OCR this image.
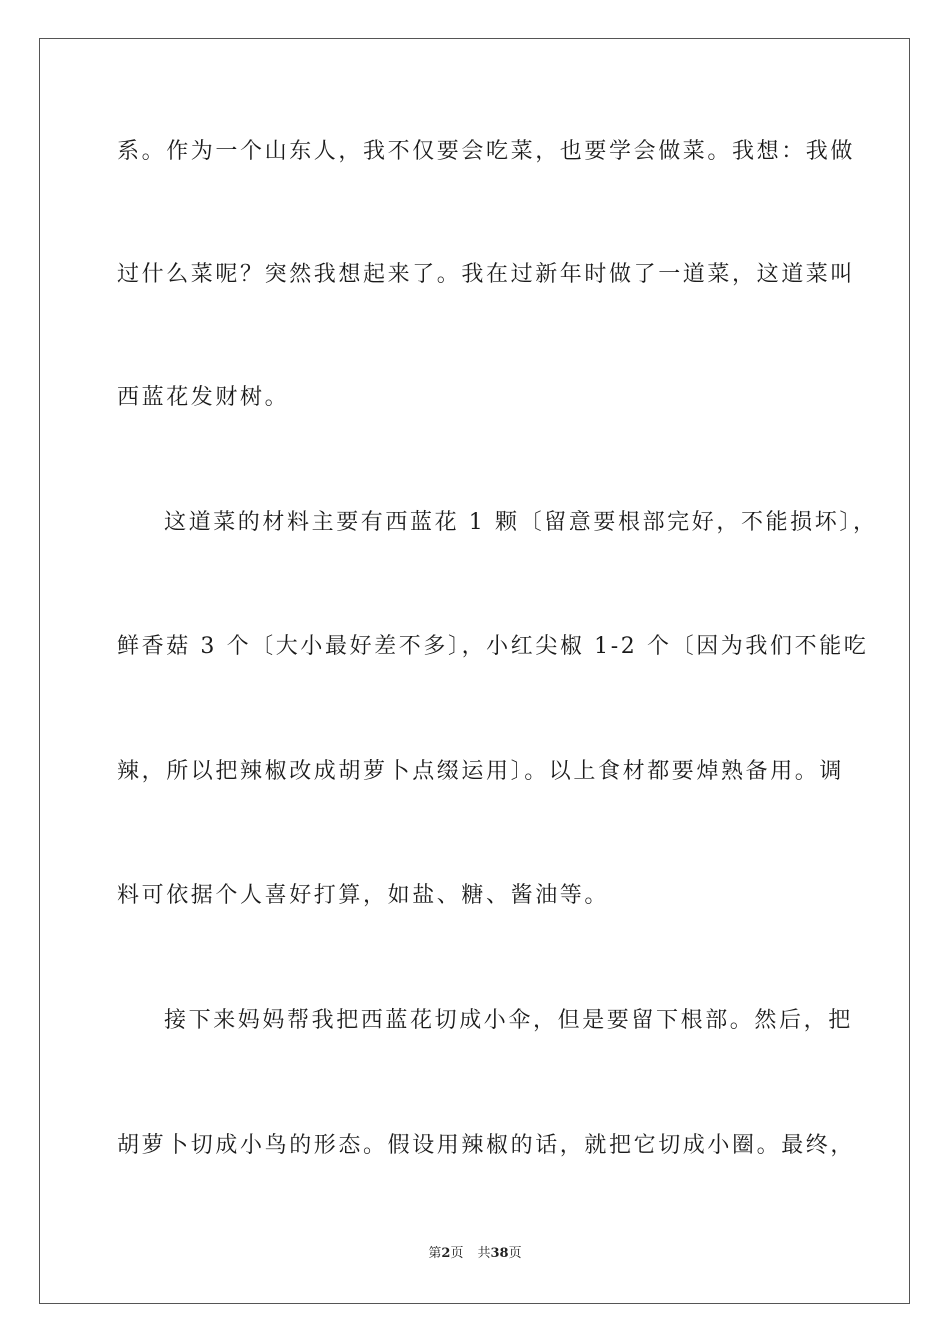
系。作为一个山东人，我不仅要会吃菜，也要学会做菜。我想：我做
过什么菜呢？突然我想起来了。我在过新年时做了一道菜，这道菜叫
西蓝花发财树。
这道菜的材料主要有西蓝花 1 颗〔留意要根部完好，不能损坏〕，
鲜香菇 3 个〔大小最好差不多〕，小红尖椒 1-2 个〔因为我们不能吃
辣，所以把辣椒改成胡萝卜点缀运用〕。以上食材都要焯熟备用。调
料可依据个人喜好打算，如盐、糖、酱油等。
接下来妈妈帮我把西蓝花切成小伞，但是要留下根部。然后，把
胡萝卜切成小鸟的形态。假设用辣椒的话，就把它切成小圈。最终，
第2页 共38页
